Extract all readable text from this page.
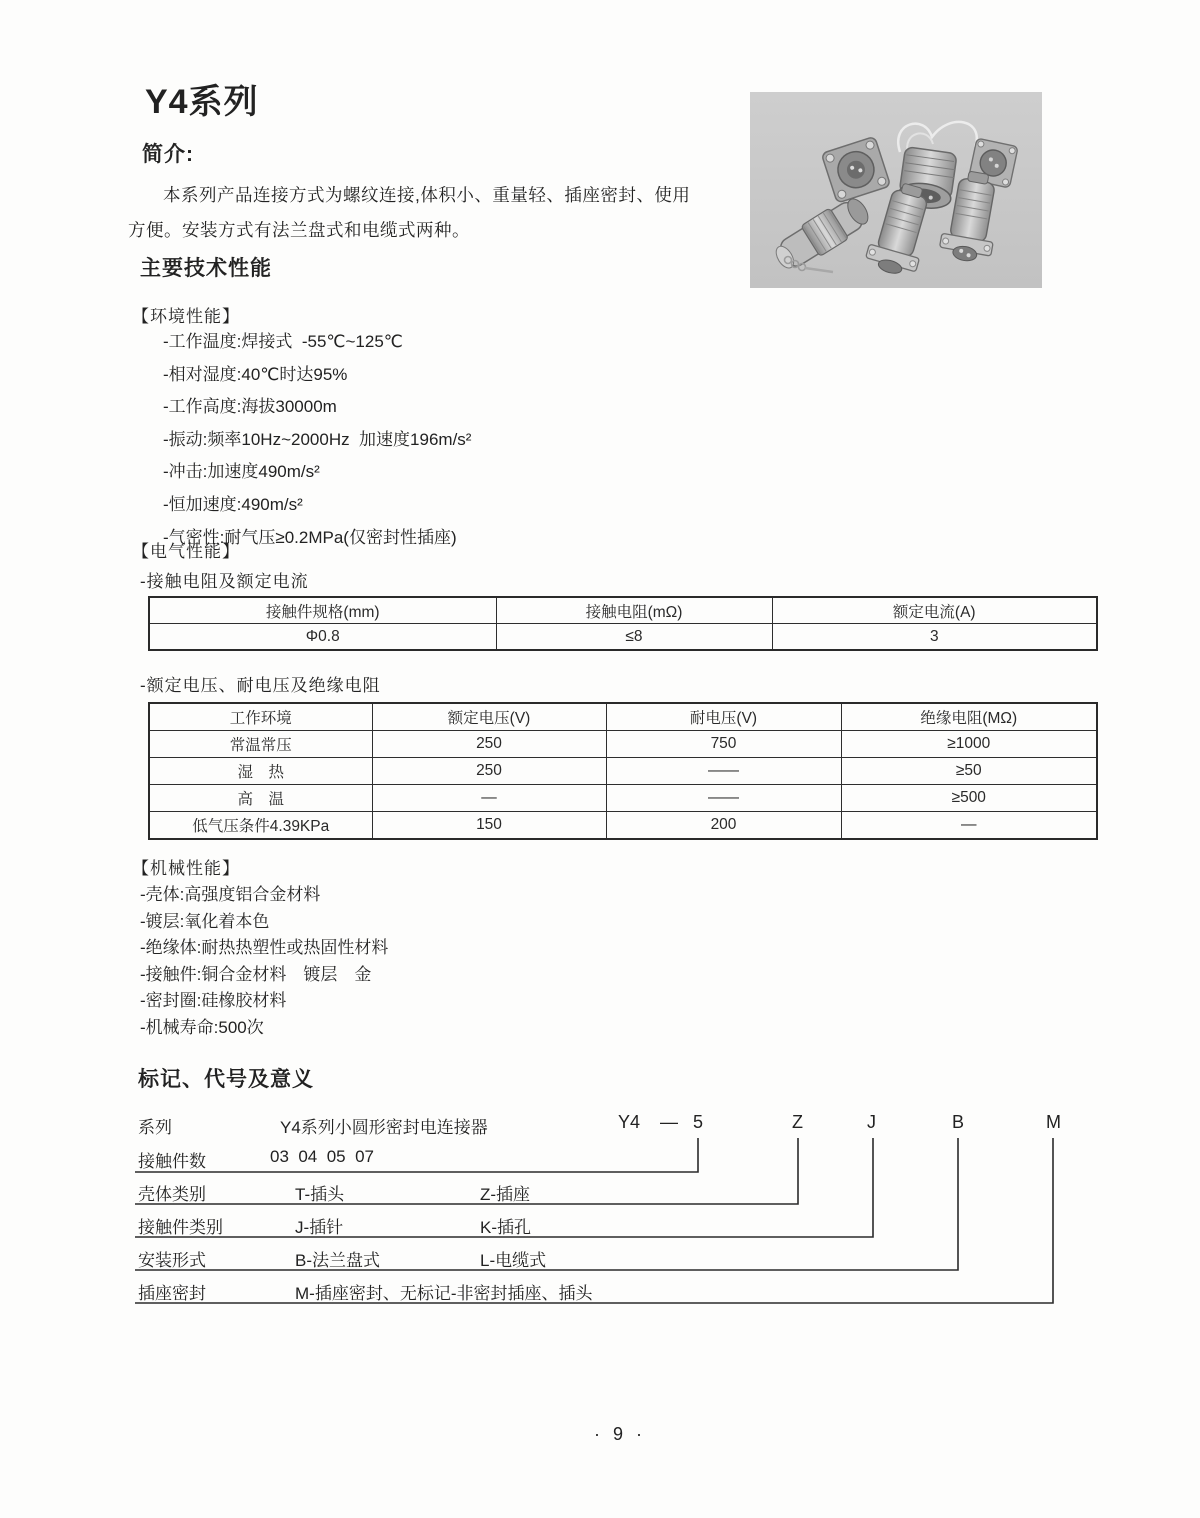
Y4系列
简介:
本系列产品连接方式为螺纹连接,体积小、重量轻、插座密封、使用方便。安装方式有法兰盘式和电缆式两种。
主要技术性能
【环境性能】
-工作温度:焊接式  -55℃~125℃
-相对湿度:40℃时达95%
-工作高度:海拔30000m
-振动:频率10Hz~2000Hz  加速度196m/s²
-冲击:加速度490m/s²
-恒加速度:490m/s²
-气密性:耐气压≥0.2MPa(仅密封性插座)
【电气性能】
-接触电阻及额定电流
接触件规格(mm)	接触电阻(mΩ)	额定电流(A)
Φ0.8	≤8	3
-额定电压、耐电压及绝缘电阻
工作环境	额定电压(V)	耐电压(V)	绝缘电阻(MΩ)
常温常压	250	750	≥1000
湿　热	250	——	≥50
高　温	—	——	≥500
低气压条件4.39KPa	150	200	—
【机械性能】
-壳体:高强度铝合金材料
-镀层:氧化着本色
-绝缘体:耐热热塑性或热固性材料
-接触件:铜合金材料　镀层　金
-密封圈:硅橡胶材料
-机械寿命:500次
标记、代号及意义
Y4 — 5	Z	J	B	M
系列	Y4系列小圆形密封电连接器
接触件数	03  04  05  07
壳体类别	T-插头	Z-插座
接触件类别	J-插针	K-插孔
安装形式	B-法兰盘式	L-电缆式
插座密封	M-插座密封、无标记-非密封插座、插头
· 9 ·
